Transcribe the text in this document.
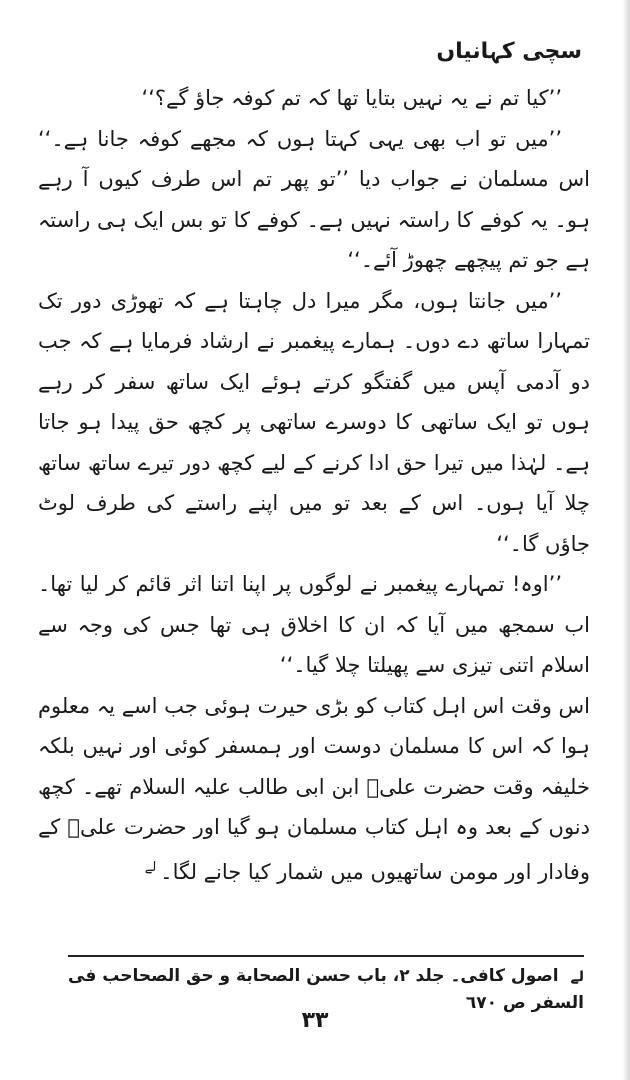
سچی کہانیاں

’’کیا تم نے یہ نہیں بتایا تھا کہ تم کوفہ جاؤ گے؟‘‘

’’میں تو اب بھی یہی کہتا ہوں کہ مجھے کوفہ جانا ہے۔‘‘ اس مسلمان نے جواب دیا ’’تو پھر تم اس طرف کیوں آ رہے ہو۔ یہ کوفے کا راستہ نہیں ہے۔ کوفے کا تو بس ایک ہی راستہ ہے جو تم پیچھے چھوڑ آئے۔‘‘

’’میں جانتا ہوں، مگر میرا دل چاہتا ہے کہ تھوڑی دور تک تمہارا ساتھ دے دوں۔ ہمارے پیغمبر نے ارشاد فرمایا ہے کہ جب دو آدمی آپس میں گفتگو کرتے ہوئے ایک ساتھ سفر کر رہے ہوں تو ایک ساتھی کا دوسرے ساتھی پر کچھ حق پیدا ہو جاتا ہے۔ لہٰذا میں تیرا حق ادا کرنے کے لیے کچھ دور تیرے ساتھ ساتھ چلا آیا ہوں۔ اس کے بعد تو میں اپنے راستے کی طرف لوٹ جاؤں گا۔‘‘

’’اوہ! تمہارے پیغمبر نے لوگوں پر اپنا اتنا اثر قائم کر لیا تھا۔ اب سمجھ میں آیا کہ ان کا اخلاق ہی تھا جس کی وجہ سے اسلام اتنی تیزی سے پھیلتا چلا گیا۔‘‘

اس وقت اس اہل کتاب کو بڑی حیرت ہوئی جب اسے یہ معلوم ہوا کہ اس کا مسلمان دوست اور ہمسفر کوئی اور نہیں بلکہ خلیفہ وقت حضرت علیؑ ابن ابی طالب علیہ السلام تھے۔ کچھ دنوں کے بعد وہ اہل کتاب مسلمان ہو گیا اور حضرت علیؑ کے وفادار اور مومن ساتھیوں میں شمار کیا جانے لگا۔$^{لے}$

لے اصول کافی۔ جلد ۲، باب حسن الصحابة و حق الصحاحب فی السفر ص ٦٧٠
۳۳
